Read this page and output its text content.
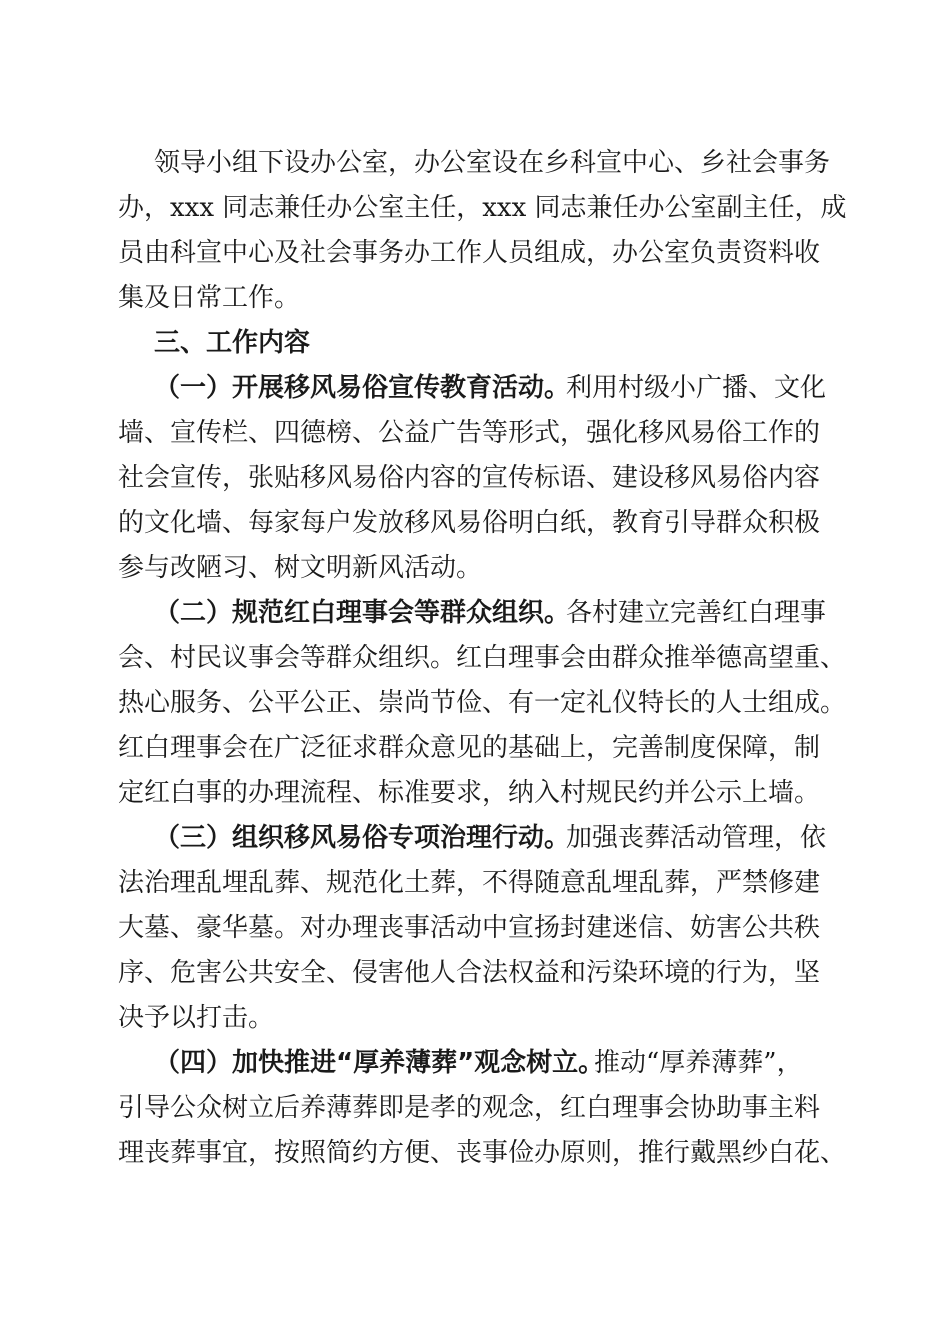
领导小组下设办公室，办公室设在乡科宣中心、乡社会事务
办，xxx 同志兼任办公室主任，xxx 同志兼任办公室副主任，成
员由科宣中心及社会事务办工作人员组成，办公室负责资料收
集及日常工作。
三、工作内容
（一）开展移风易俗宣传教育活动。
利用村级小广播、文化
墙、宣传栏、四德榜、公益广告等形式，强化移风易俗工作的
社会宣传，张贴移风易俗内容的宣传标语、建设移风易俗内容
的文化墙、每家每户发放移风易俗明白纸，教育引导群众积极
参与改陋习、树文明新风活动。
（二）规范红白理事会等群众组织。
各村建立完善红白理事
会、村民议事会等群众组织。红白理事会由群众推举德高望重、
热心服务、公平公正、崇尚节俭、有一定礼仪特长的人士组成。
红白理事会在广泛征求群众意见的基础上，完善制度保障，制
定红白事的办理流程、标准要求，纳入村规民约并公示上墙。
（三）组织移风易俗专项治理行动。
加强丧葬活动管理，依
法治理乱埋乱葬、规范化土葬，不得随意乱埋乱葬，严禁修建
大墓、豪华墓。对办理丧事活动中宣扬封建迷信、妨害公共秩
序、危害公共安全、侵害他人合法权益和污染环境的行为，坚
决予以打击。
（四）加快推进“厚养薄葬”观念树立。
推动“厚养薄葬”，
引导公众树立后养薄葬即是孝的观念，红白理事会协助事主料
理丧葬事宜，按照简约方便、丧事俭办原则，推行戴黑纱白花、
